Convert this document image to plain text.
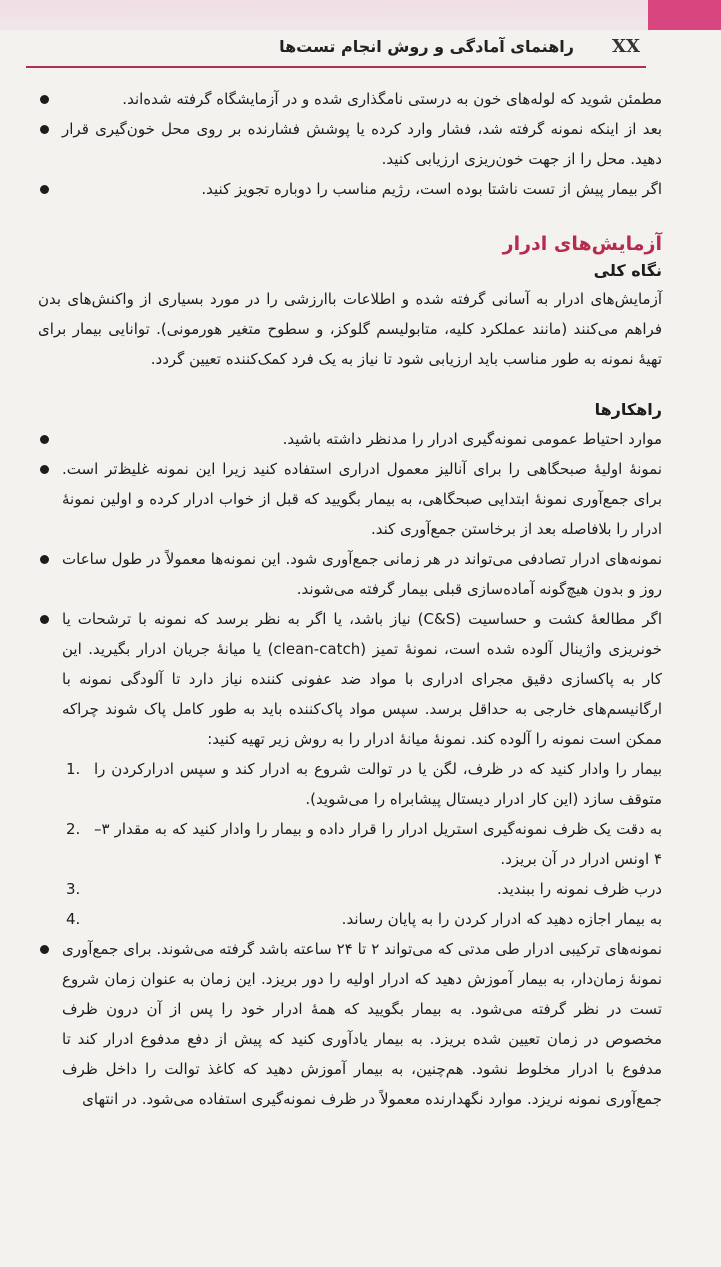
XX
راهنمای آمادگی و روش انجام تست‌ها
مطمئن شوید که لوله‌های خون به درستی نامگذاری شده و در آزمایشگاه گرفته شده‌اند.
بعد از اینکه نمونه گرفته شد، فشار وارد کرده یا پوشش فشارنده بر روی محل خون‌گیری قرار دهید. محل را از جهت خون‌ریزی ارزیابی کنید.
اگر بیمار پیش از تست ناشتا بوده است، رژیم مناسب را دوباره تجویز کنید.
آزمایش‌های ادرار
نگاه کلی

آزمایش‌های ادرار به آسانی گرفته شده و اطلاعات باارزشی را در مورد بسیاری از واکنش‌های بدن فراهم می‌کنند (مانند عملکرد کلیه، متابولیسم گلوکز، و سطوح متغیر هورمونی). توانایی بیمار برای تهیهٔ نمونه به طور مناسب باید ارزیابی شود تا نیاز به یک فرد کمک‌کننده تعیین گردد.

راهکارها
موارد احتیاط عمومی نمونه‌گیری ادرار را مدنظر داشته باشید.
نمونهٔ اولیهٔ صبحگاهی را برای آنالیز معمول ادراری استفاده کنید زیرا این نمونه غلیظ‌تر است. برای جمع‌آوری نمونهٔ ابتدایی صبحگاهی، به بیمار بگویید که قبل از خواب ادرار کرده و اولین نمونهٔ ادرار را بلافاصله بعد از برخاستن جمع‌آوری کند.
نمونه‌های ادرار تصادفی می‌تواند در هر زمانی جمع‌آوری شود. این نمونه‌ها معمولاً در طول ساعات روز و بدون هیچ‌گونه آماده‌سازی قبلی بیمار گرفته می‌شوند.
اگر مطالعهٔ کشت و حساسیت (C&S) نیاز باشد، یا اگر به نظر برسد که نمونه با ترشحات یا خونریزی واژینال آلوده شده است، نمونهٔ تمیز (clean-catch) یا میانهٔ جریان ادرار بگیرید. این کار به پاکسازی دقیق مجرای ادراری با مواد ضد عفونی کننده نیاز دارد تا آلودگی نمونه با ارگانیسم‌های خارجی به حداقل برسد. سپس مواد پاک‌کننده باید به طور کامل پاک شوند چراکه ممکن است نمونه را آلوده کند. نمونهٔ میانهٔ ادرار را به روش زیر تهیه کنید:
1. بیمار را وادار کنید که در ظرف، لگن یا در توالت شروع به ادرار کند و سپس ادرارکردن را متوقف سازد (این کار ادرار دیستال پیشابراه را می‌شوید).
2. به دقت یک ظرف نمونه‌گیری استریل ادرار را قرار داده و بیمار را وادار کنید که به مقدار ۳–۴ اونس ادرار در آن بریزد.
3.	درب ظرف نمونه را ببندید.
4.	به بیمار اجازه دهید که ادرار کردن را به پایان رساند.
نمونه‌های ترکیبی ادرار طی مدتی که می‌تواند ۲ تا ۲۴ ساعته باشد گرفته می‌شوند. برای جمع‌آوری نمونهٔ زمان‌دار، به بیمار آموزش دهید که ادرار اولیه را دور بریزد. این زمان به عنوان زمان شروع تست در نظر گرفته می‌شود. به بیمار بگویید که همهٔ ادرار خود را پس از آن درون ظرف مخصوص در زمان تعیین شده بریزد. به بیمار یادآوری کنید که پیش از دفع مدفوع ادرار کند تا مدفوع با ادرار مخلوط نشود. هم‌چنین، به بیمار آموزش دهید که کاغذ توالت را داخل ظرف جمع‌آوری نمونه نریزد. موارد نگهدارنده معمولاً در ظرف نمونه‌گیری استفاده می‌شود. در انتهای
